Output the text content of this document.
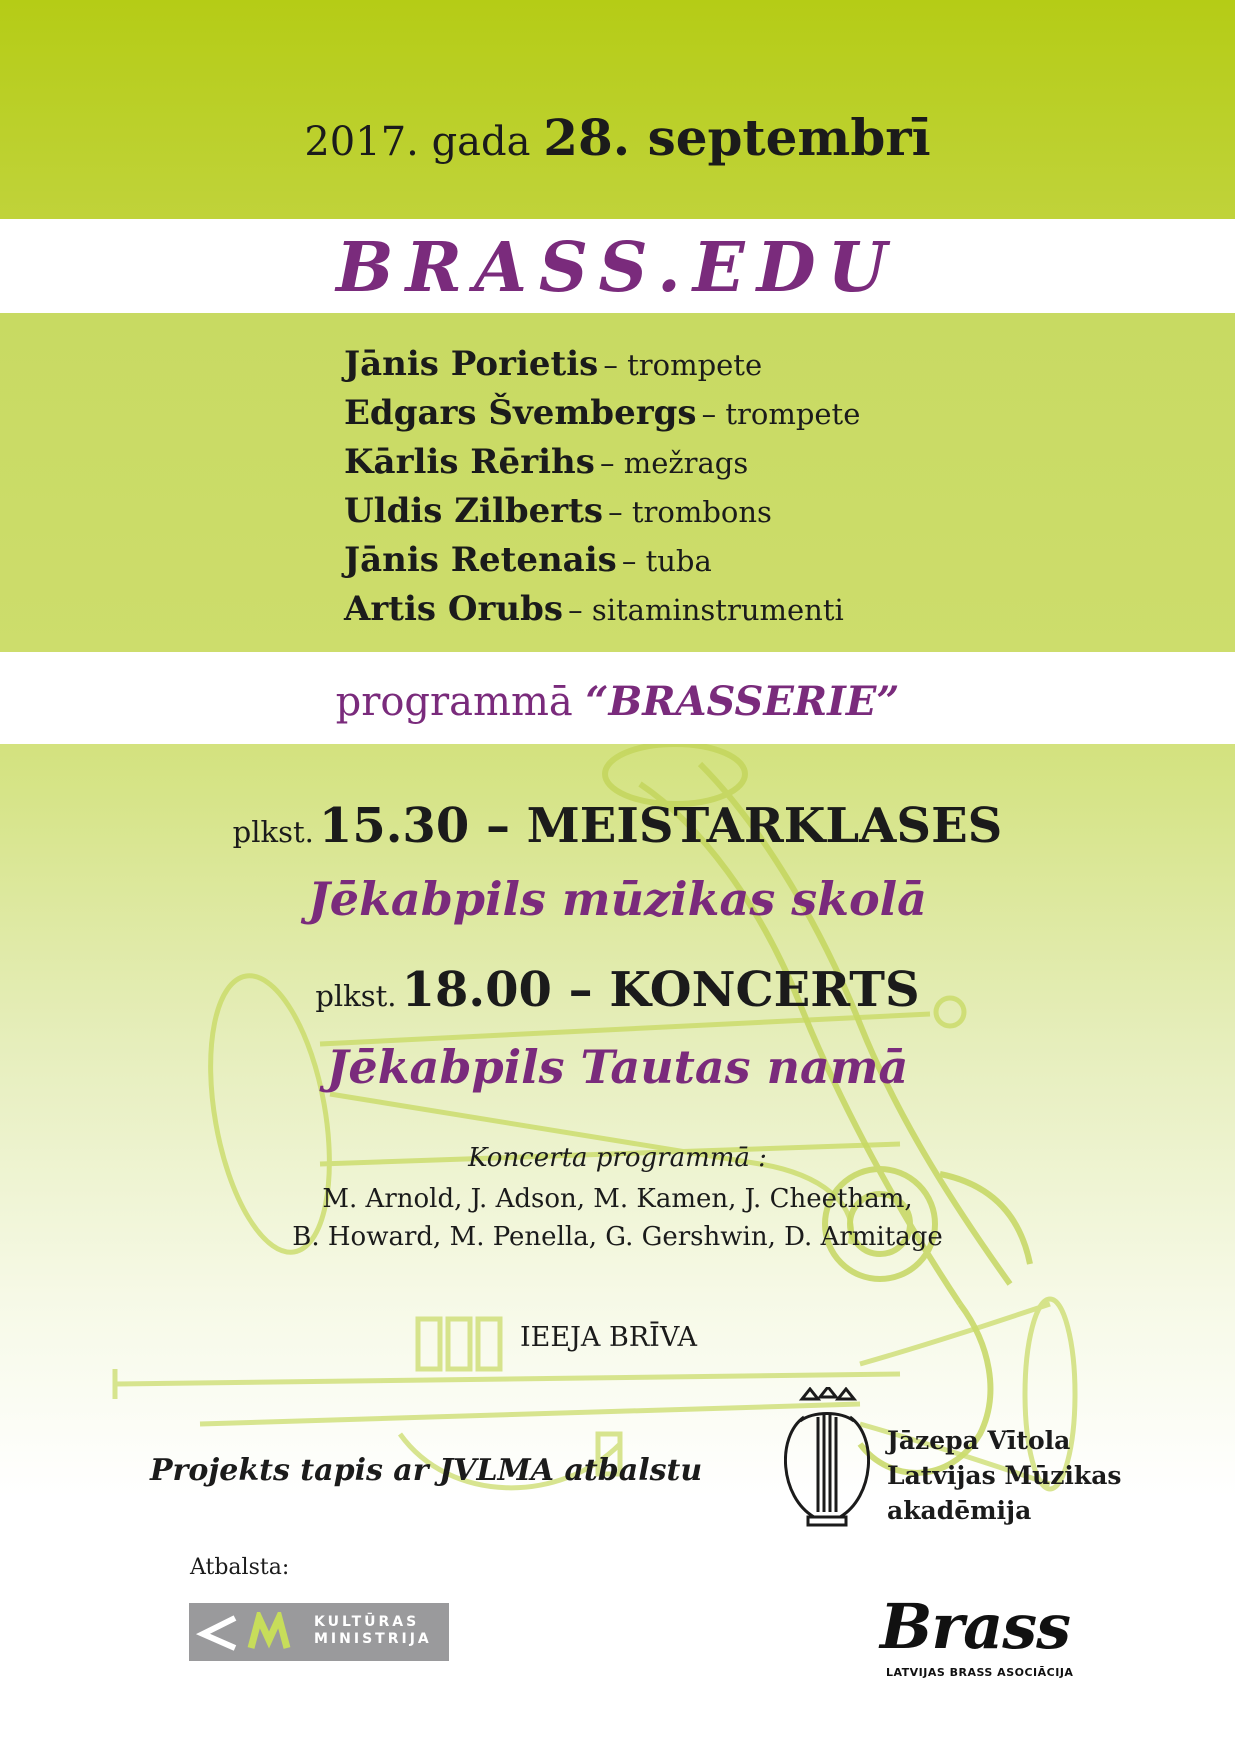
2017. gada 28. septembrī
BRASS.EDU
Jānis Porietis – trompete
Edgars Švembergs – trompete
Kārlis Rērihs – mežrags
Uldis Zilberts – trombons
Jānis Retenais – tuba
Artis Orubs – sitaminstrumenti
programmā “BRASSERIE”
plkst. 15.30 – MEISTARKLASES
Jēkabpils mūzikas skolā
plkst. 18.00 – KONCERTS
Jēkabpils Tautas namā
Koncerta programmā :
M. Arnold, J. Adson, M. Kamen, J. Cheetham,
B. Howard, M. Penella, G. Gershwin, D. Armitage
IEEJA BRĪVA
Projekts tapis ar JVLMA atbalstu
Jāzepa Vītola
Latvijas Mūzikas
akadēmija
Atbalsta:
KULTŪRAS
MINISTRIJA	Brass
LATVIJAS BRASS ASOCIĀCIJA
